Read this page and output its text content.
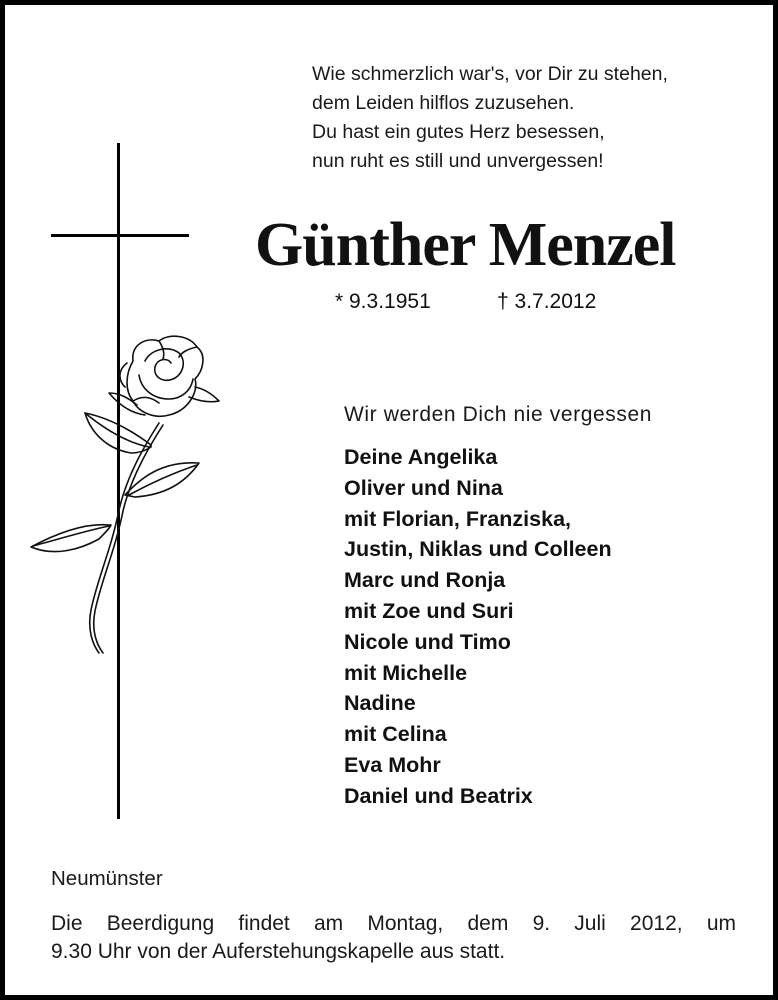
Wie schmerzlich war's, vor Dir zu stehen,
dem Leiden hilflos zuzusehen.
Du hast ein gutes Herz besessen,
nun ruht es still und unvergessen!
Günther Menzel
* 9.3.1951	† 3.7.2012
Wir werden Dich nie vergessen
Deine Angelika
Oliver und Nina
mit Florian, Franziska,
Justin, Niklas und Colleen
Marc und Ronja
mit Zoe und Suri
Nicole und Timo
mit Michelle
Nadine
mit Celina
Eva Mohr
Daniel und Beatrix
Neumünster
Die Beerdigung findet am Montag, dem 9. Juli 2012, um
9.30 Uhr von der Auferstehungskapelle aus statt.
